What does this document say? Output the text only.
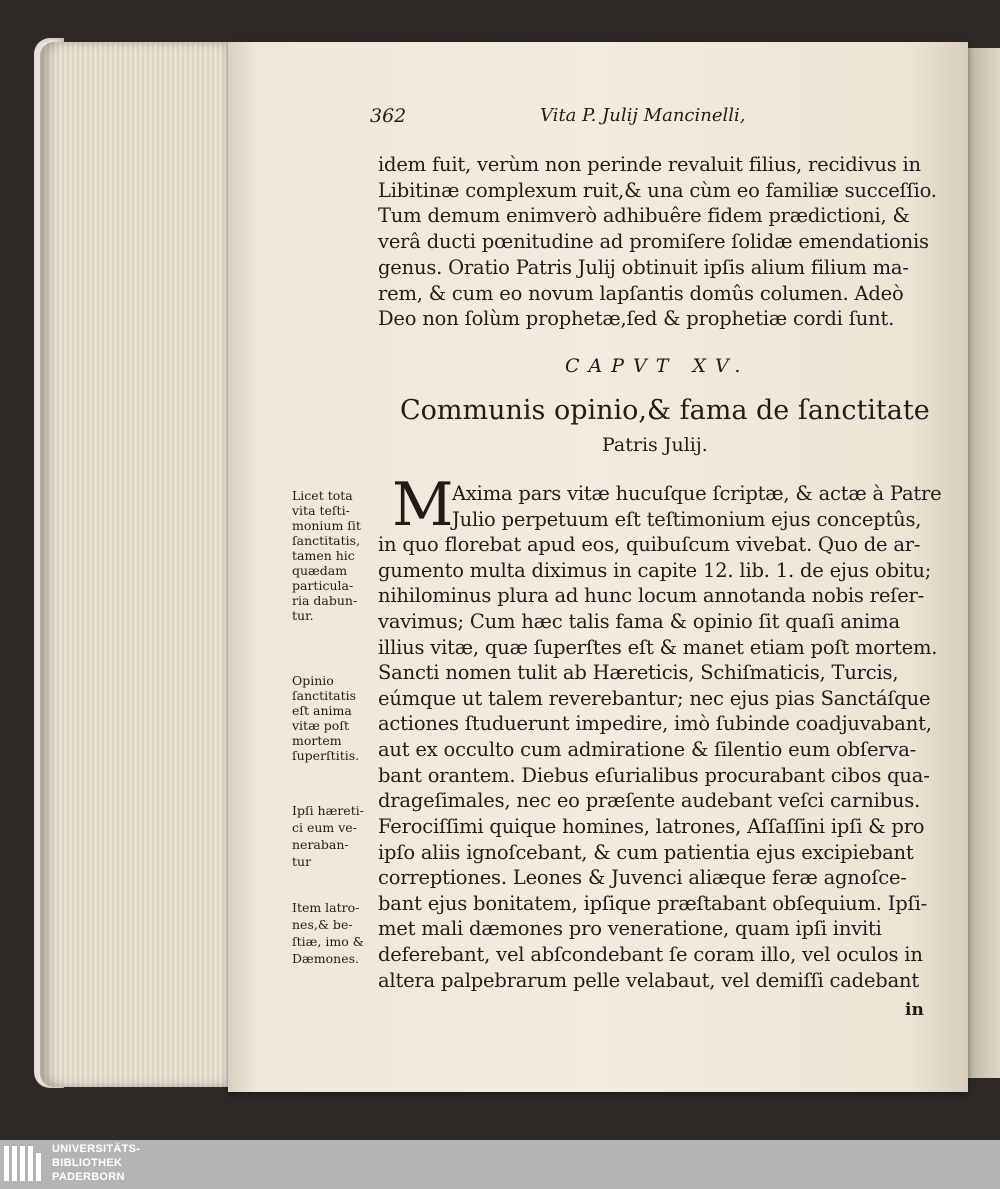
362	Vita P. Julij Mancinelli,
idem fuit, verùm non perinde revaluit filius, recidivus in
Libitinæ complexum ruit,& una cùm eo familiæ succeſſio.
Tum demum enimverò adhibuêre fidem prædictioni, &
verâ ducti pœnitudine ad promiſere ſolidæ emendationis
genus. Oratio Patris Julij obtinuit ipſis alium filium ma-
rem, & cum eo novum lapſantis domûs columen. Adeò
Deo non ſolùm prophetæ,ſed & prophetiæ cordi ſunt.
CAPVT XV.
Communis opinio,& fama de ſanctitate
Patris Julij.
M
Axima pars vitæ hucuſque ſcriptæ, & actæ à Patre
Julio perpetuum eſt teſtimonium ejus conceptûs,
in quo florebat apud eos, quibuſcum vivebat. Quo de ar-
gumento multa diximus in capite 12. lib. 1. de ejus obitu;
nihilominus plura ad hunc locum annotanda nobis reſer-
vavimus; Cum hæc talis fama & opinio ſit quaſi anima
illius vitæ, quæ ſuperſtes eſt & manet etiam poſt mortem.
Sancti nomen tulit ab Hæreticis, Schiſmaticis, Turcis,
eúmque ut talem reverebantur; nec ejus pias Sanctáſque
actiones ſtuduerunt impedire, imò ſubinde coadjuvabant,
aut ex occulto cum admiratione & ſilentio eum obſerva-
bant orantem. Diebus eſurialibus procurabant cibos qua-
drageſimales, nec eo præſente audebant veſci carnibus.
Ferociſſimi quique homines, latrones, Aſſaſſini ipſi & pro
ipſo aliis ignoſcebant, & cum patientia ejus excipiebant
correptiones. Leones & Juvenci aliæque feræ agnoſce-
bant ejus bonitatem, ipſique præſtabant obſequium. Ipſi-
met mali dæmones pro veneratione, quam ipſi inviti
deferebant, vel abſcondebant ſe coram illo, vel oculos in
altera palpebrarum pelle velabaut, vel demiſſi cadebant
in
Licet tota
vita teſti-
monium ſit
ſanctitatis,
tamen hic
quædam
particula-
ria dabun-
tur.
Opinio
ſanctitatis
eſt anima
vitæ poſt
mortem
ſuperſtitis.
Ipſi hæreti-
ci eum ve-
neraban-
tur
Item latro-
nes,& be-
ſtiæ, imo &
Dæmones.
UNIVERSITÄTS-
BIBLIOTHEK
PADERBORN
